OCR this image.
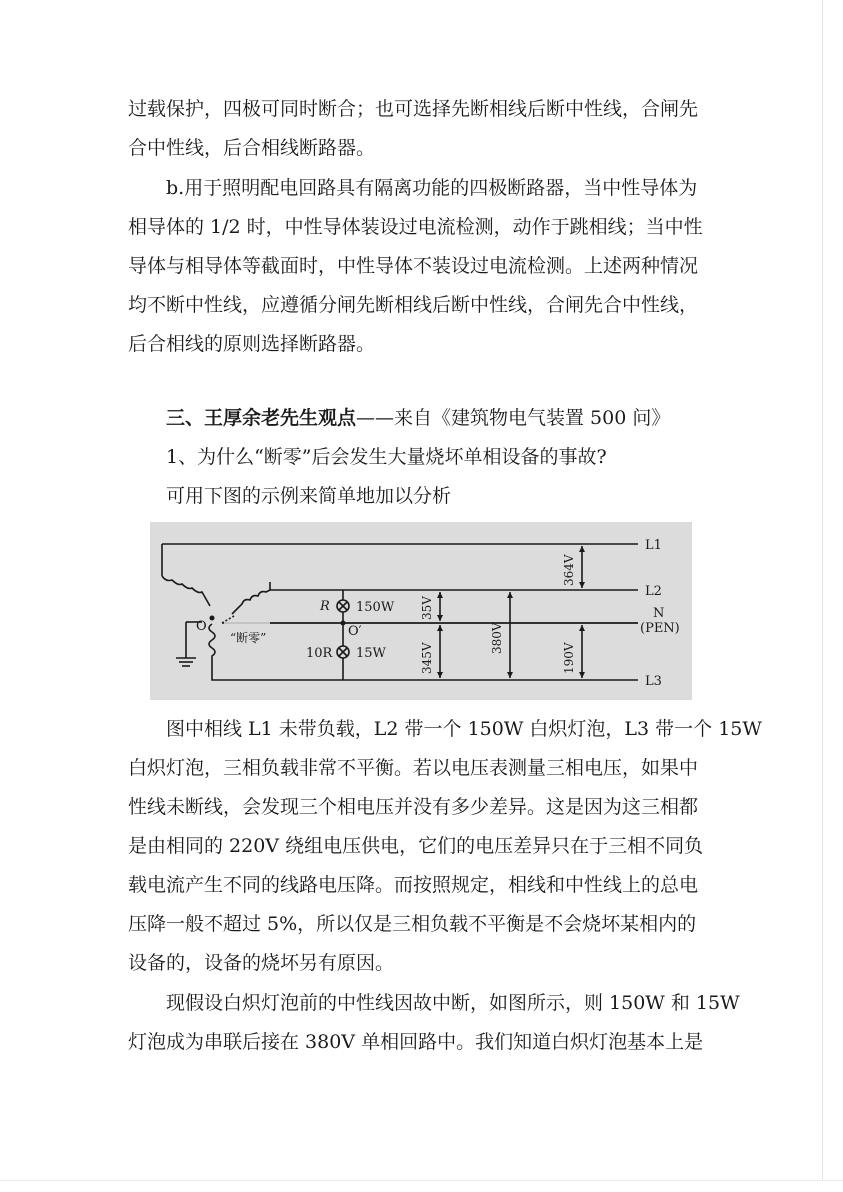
过载保护，四极可同时断合；也可选择先断相线后断中性线，合闸先
合中性线，后合相线断路器。
b.用于照明配电回路具有隔离功能的四极断路器，当中性导体为
相导体的 1/2 时，中性导体装设过电流检测，动作于跳相线；当中性
导体与相导体等截面时，中性导体不装设过电流检测。上述两种情况
均不断中性线，应遵循分闸先断相线后断中性线，合闸先合中性线，
后合相线的原则选择断路器。
三、王厚余老先生观点——来自《建筑物电气装置 500 问》
1、为什么“断零”后会发生大量烧坏单相设备的事故?
可用下图的示例来简单地加以分析
L1
L2
N
(PEN)
L3
O	O′
R
10R
150W
15W
“断零”
35V
345V
380V
364V
190V
图中相线 L1 未带负载，L2 带一个 150W 白炽灯泡，L3 带一个 15W
白炽灯泡，三相负载非常不平衡。若以电压表测量三相电压，如果中
性线未断线，会发现三个相电压并没有多少差异。这是因为这三相都
是由相同的 220V 绕组电压供电，它们的电压差异只在于三相不同负
载电流产生不同的线路电压降。而按照规定，相线和中性线上的总电
压降一般不超过 5%，所以仅是三相负载不平衡是不会烧坏某相内的
设备的，设备的烧坏另有原因。
现假设白炽灯泡前的中性线因故中断，如图所示，则 150W 和 15W
灯泡成为串联后接在 380V 单相回路中。我们知道白炽灯泡基本上是
